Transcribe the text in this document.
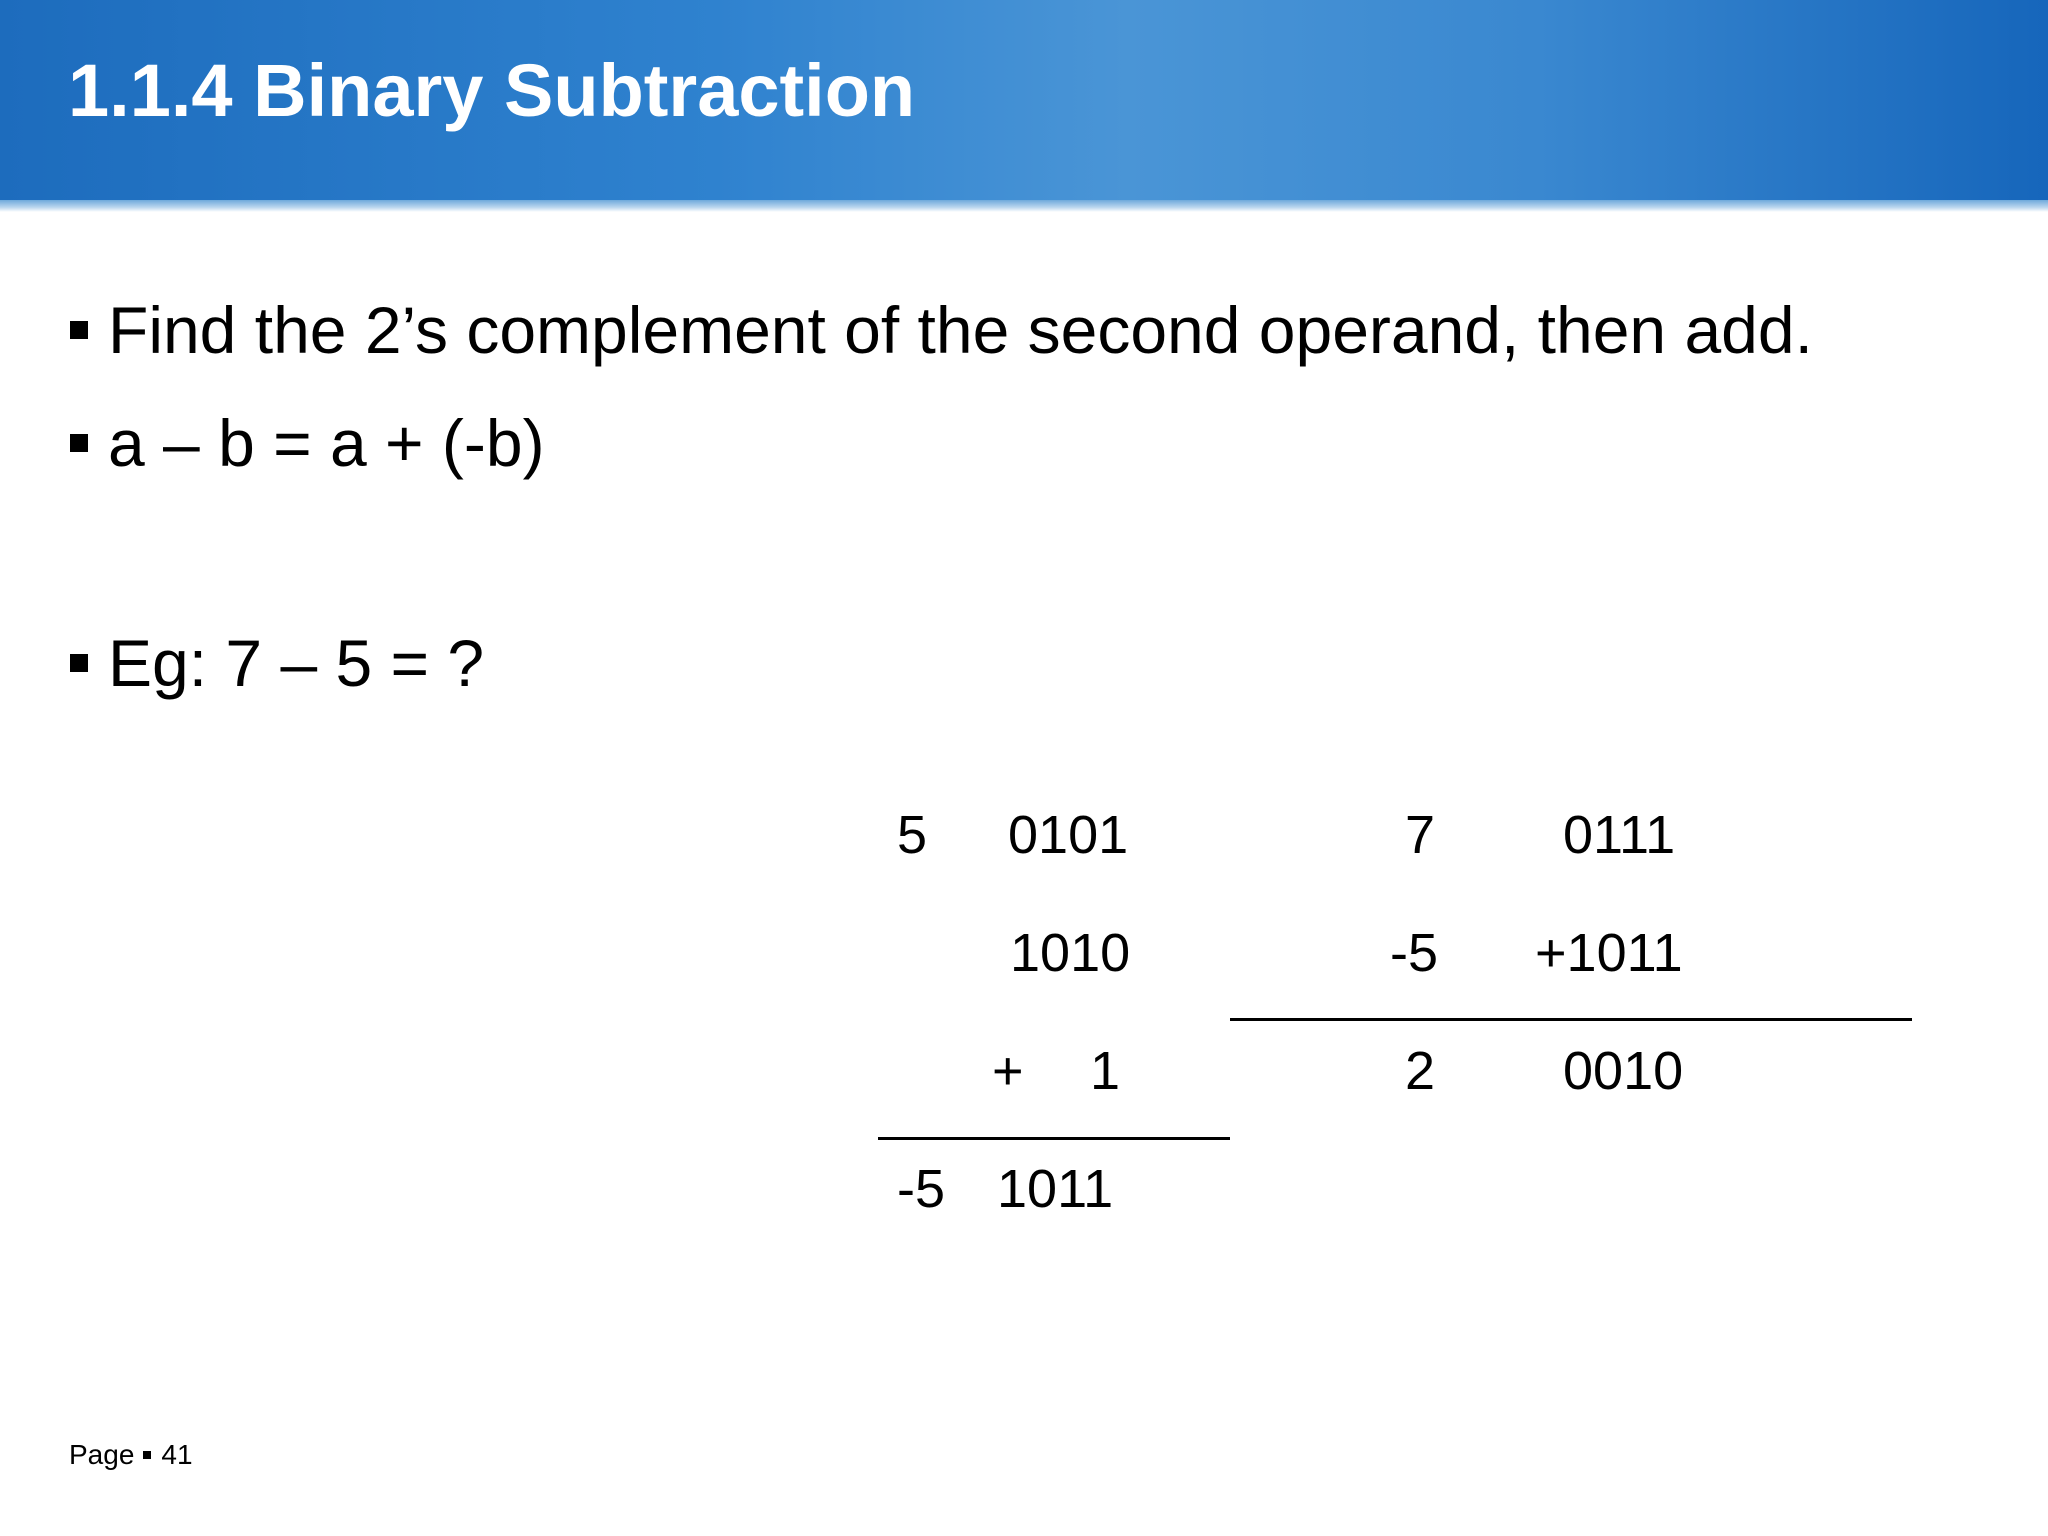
1.1.4 Binary Subtraction
Find the 2’s complement of the second operand, then add.
a – b = a + (-b)
Eg: 7 – 5 = ?
5 0101
1010
+ 1
-5 1011
7 0111
-5 +1011
2 0010
Page 41
